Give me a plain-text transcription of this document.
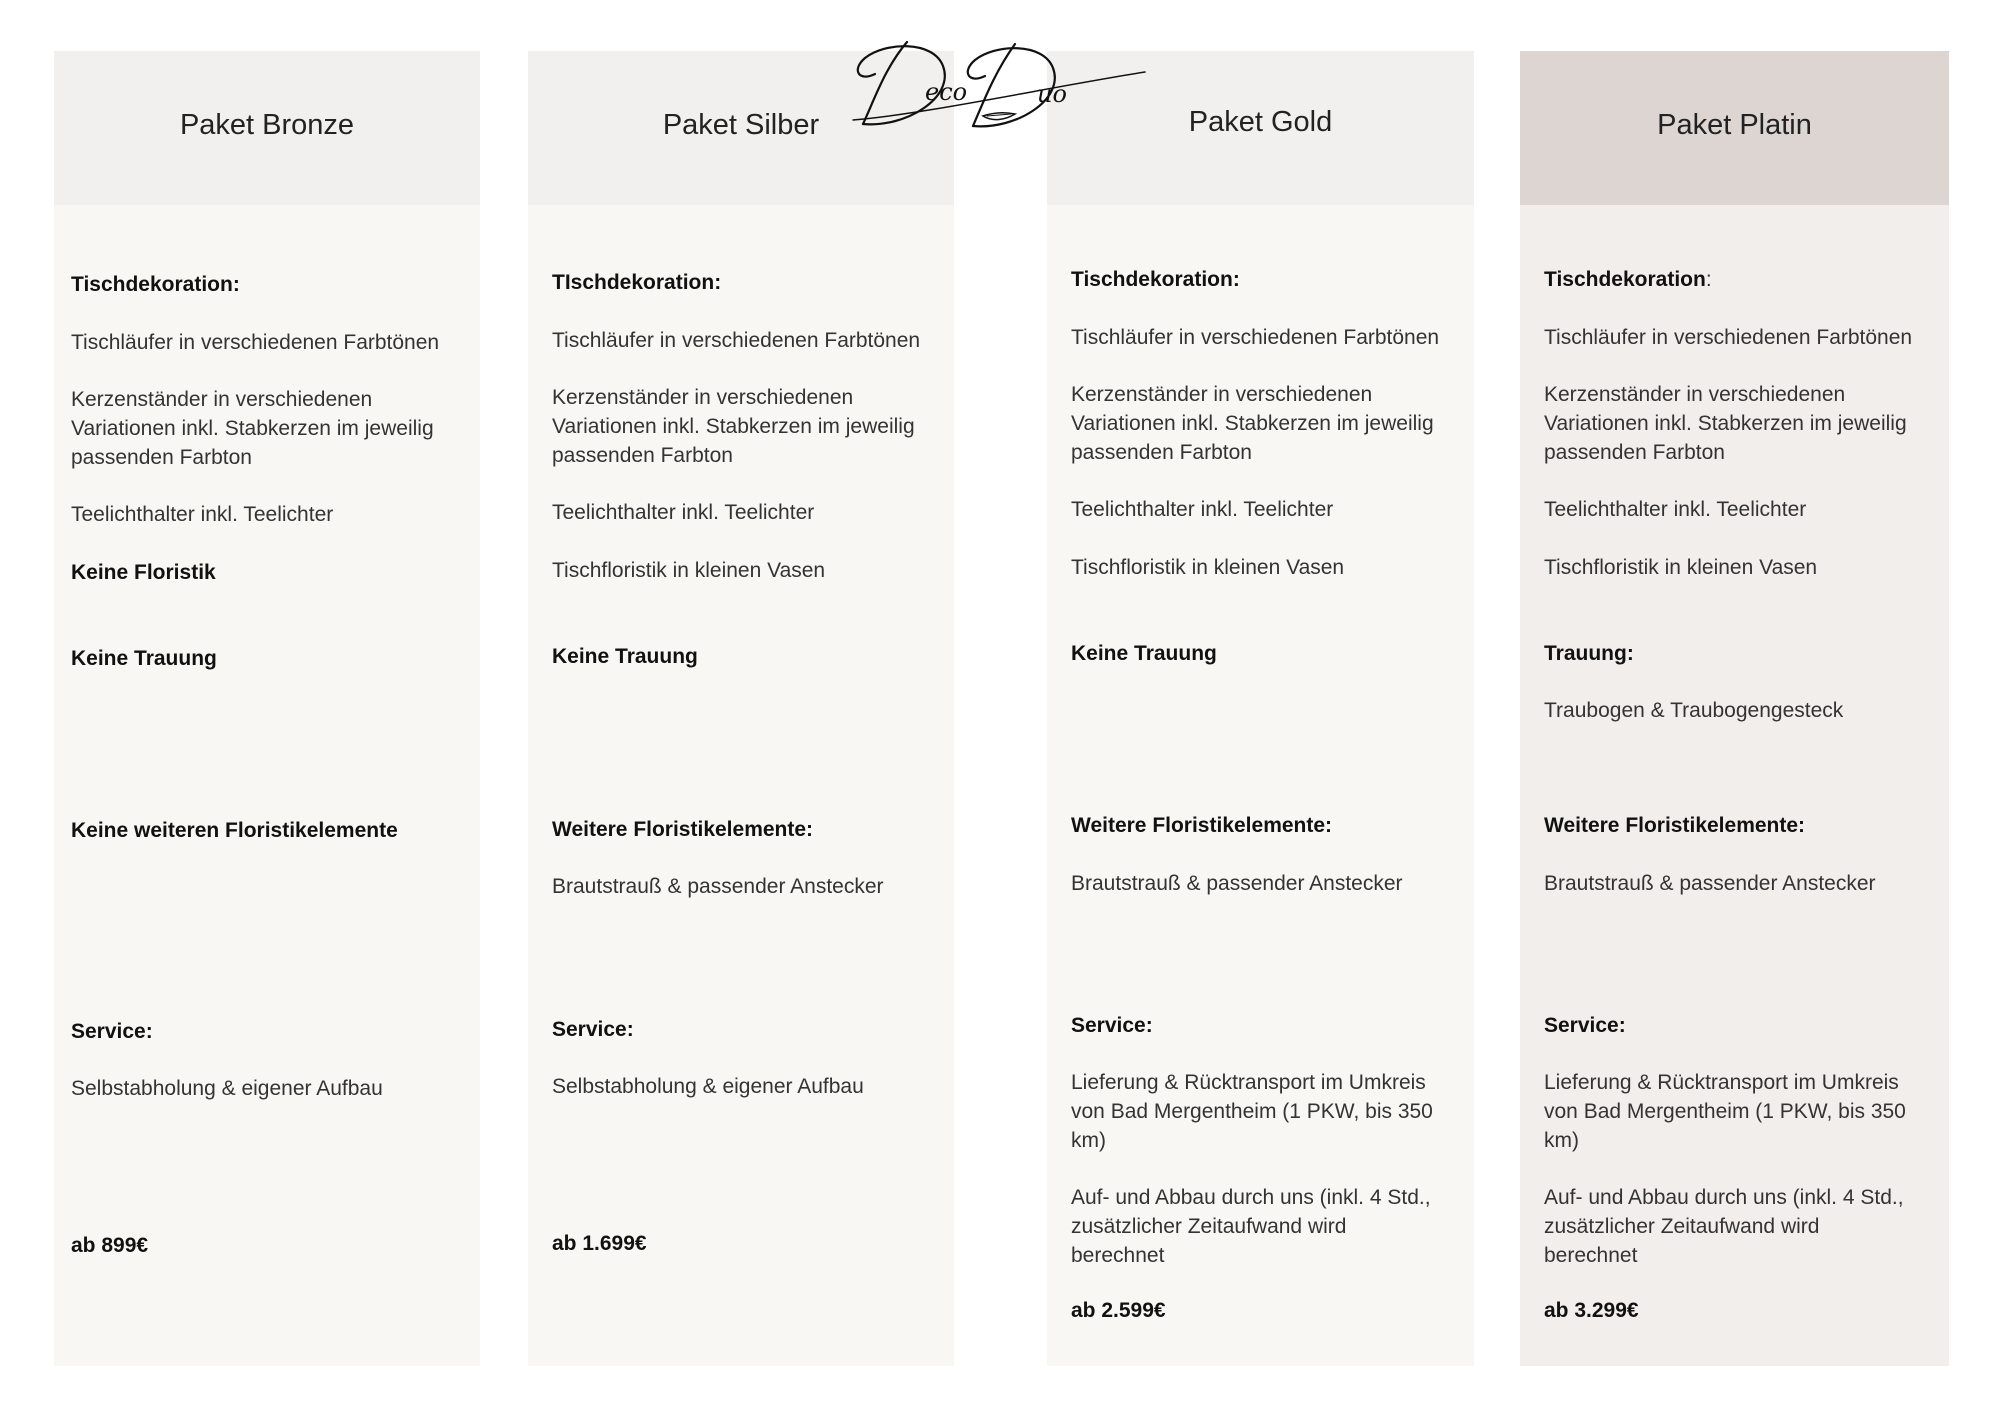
Paket Bronze
Tischdekoration:
Tischläufer in verschiedenen Farbtönen
Kerzenständer in verschiedenen
Variationen inkl. Stabkerzen im jeweilig
passenden Farbton
Teelichthalter inkl. Teelichter
Keine Floristik
Keine Trauung
Keine weiteren Floristikelemente
Service:
Selbstabholung & eigener Aufbau
ab 899€
Paket Silber
TIschdekoration:
Tischläufer in verschiedenen Farbtönen
Kerzenständer in verschiedenen
Variationen inkl. Stabkerzen im jeweilig
passenden Farbton
Teelichthalter inkl. Teelichter
Tischfloristik in kleinen Vasen
Keine Trauung
Weitere Floristikelemente:
Brautstrauß & passender Anstecker
Service:
Selbstabholung & eigener Aufbau
ab 1.699€
Paket Gold
Tischdekoration:
Tischläufer in verschiedenen Farbtönen
Kerzenständer in verschiedenen
Variationen inkl. Stabkerzen im jeweilig
passenden Farbton
Teelichthalter inkl. Teelichter
Tischfloristik in kleinen Vasen
Keine Trauung
Weitere Floristikelemente:
Brautstrauß & passender Anstecker
Service:
Lieferung & Rücktransport im Umkreis
von Bad Mergentheim (1 PKW, bis 350
km)
Auf- und Abbau durch uns (inkl. 4 Std.,
zusätzlicher Zeitaufwand wird
berechnet
ab 2.599€
Paket Platin
Tischdekoration:
Tischläufer in verschiedenen Farbtönen
Kerzenständer in verschiedenen
Variationen inkl. Stabkerzen im jeweilig
passenden Farbton
Teelichthalter inkl. Teelichter
Tischfloristik in kleinen Vasen
Trauung:
Traubogen & Traubogengesteck
Weitere Floristikelemente:
Brautstrauß & passender Anstecker
Service:
Lieferung & Rücktransport im Umkreis
von Bad Mergentheim (1 PKW, bis 350
km)
Auf- und Abbau durch uns (inkl. 4 Std.,
zusätzlicher Zeitaufwand wird
berechnet
ab 3.299€
eco	uo
